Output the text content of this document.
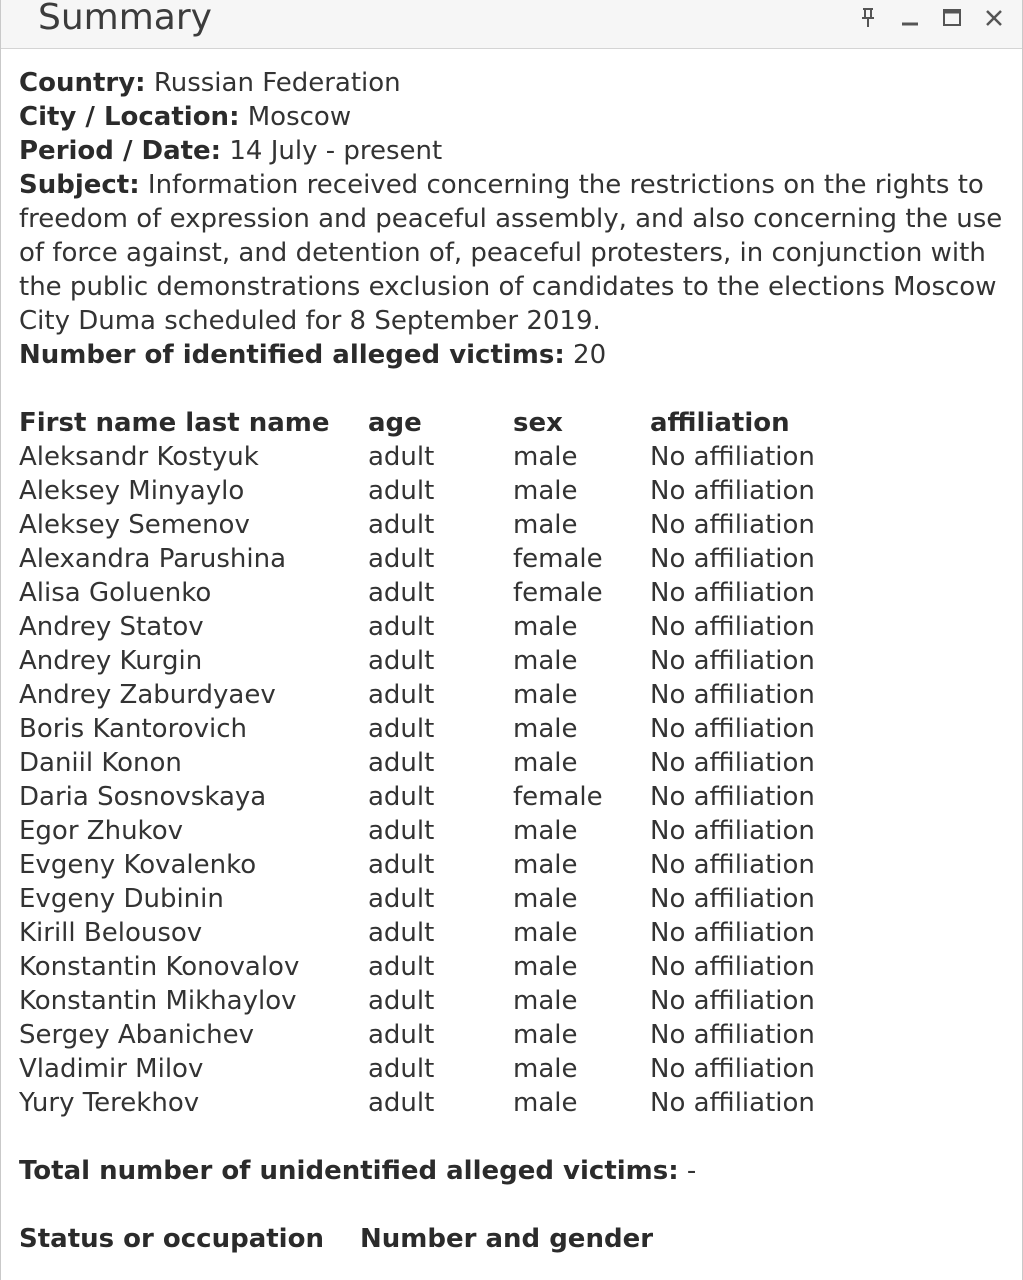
Summary
Country: Russian Federation
City / Location: Moscow
Period / Date: 14 July - present

Subject: Information received concerning the restrictions on the rights to freedom of expression and peaceful assembly, and also concerning the use of force against, and detention of, peaceful protesters, in conjunction with the public demonstrations exclusion of candidates to the elections Moscow City Duma scheduled for 8 September 2019.

Number of identified alleged victims: 20
First name last name	age	sex	affiliation
Aleksandr Kostyuk	adult	male	No affiliation
Aleksey Minyaylo	adult	male	No affiliation
Aleksey Semenov	adult	male	No affiliation
Alexandra Parushina	adult	female	No affiliation
Alisa Goluenko	adult	female	No affiliation
Andrey Statov	adult	male	No affiliation
Andrey Kurgin	adult	male	No affiliation
Andrey Zaburdyaev	adult	male	No affiliation
Boris Kantorovich	adult	male	No affiliation
Daniil Konon	adult	male	No affiliation
Daria Sosnovskaya	adult	female	No affiliation
Egor Zhukov	adult	male	No affiliation
Evgeny Kovalenko	adult	male	No affiliation
Evgeny Dubinin	adult	male	No affiliation
Kirill Belousov	adult	male	No affiliation
Konstantin Konovalov	adult	male	No affiliation
Konstantin Mikhaylov	adult	male	No affiliation
Sergey Abanichev	adult	male	No affiliation
Vladimir Milov	adult	male	No affiliation
Yury Terekhov	adult	male	No affiliation
Total number of unidentified alleged victims: -
Status or occupation Number and gender
